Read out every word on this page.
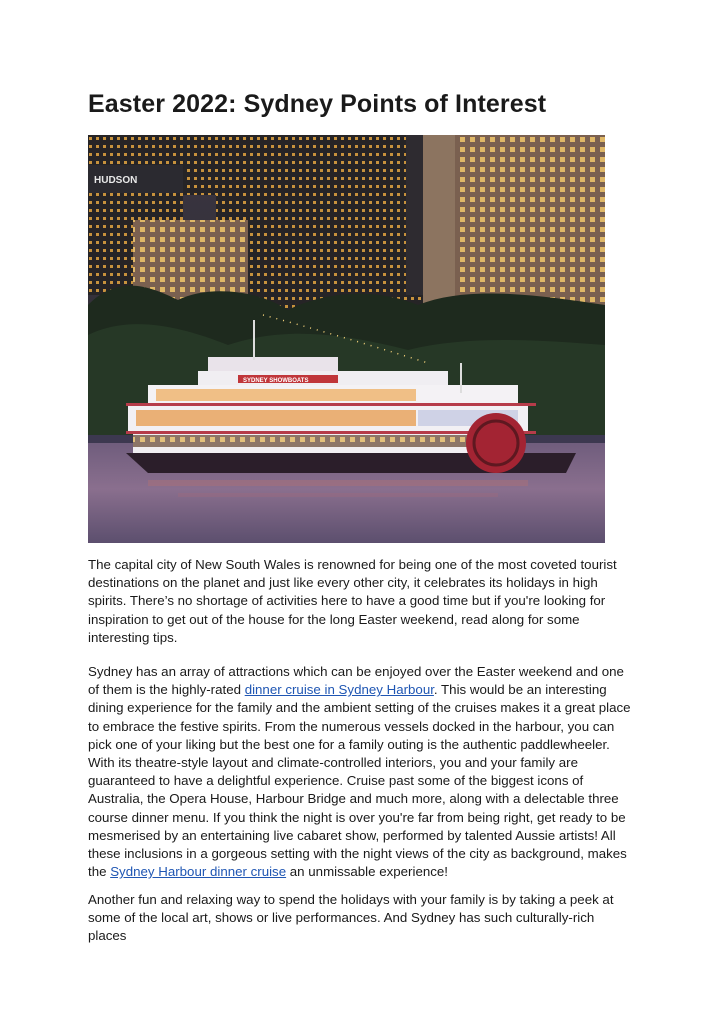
Easter 2022: Sydney Points of Interest
HUDSON
SYDNEY SHOWBOATS

The capital city of New South Wales is renowned for being one of the most coveted tourist destinations on the planet and just like every other city, it celebrates its holidays in high spirits. There’s no shortage of activities here to have a good time but if you're looking for inspiration to get out of the house for the long Easter weekend, read along for some interesting tips.

Sydney has an array of attractions which can be enjoyed over the Easter weekend and one of them is the highly-rated dinner cruise in Sydney Harbour. This would be an interesting dining experience for the family and the ambient setting of the cruises makes it a great place to embrace the festive spirits. From the numerous vessels docked in the harbour, you can pick one of your liking but the best one for a family outing is the authentic paddlewheeler. With its theatre-style layout and climate-controlled interiors, you and your family are guaranteed to have a delightful experience. Cruise past some of the biggest icons of Australia, the Opera House, Harbour Bridge and much more, along with a delectable three course dinner menu. If you think the night is over you're far from being right, get ready to be mesmerised by an entertaining live cabaret show, performed by talented Aussie artists! All these inclusions in a gorgeous setting with the night views of the city as background, makes the Sydney Harbour dinner cruise an unmissable experience!

Another fun and relaxing way to spend the holidays with your family is by taking a peek at some of the local art, shows or live performances. And Sydney has such culturally-rich places
